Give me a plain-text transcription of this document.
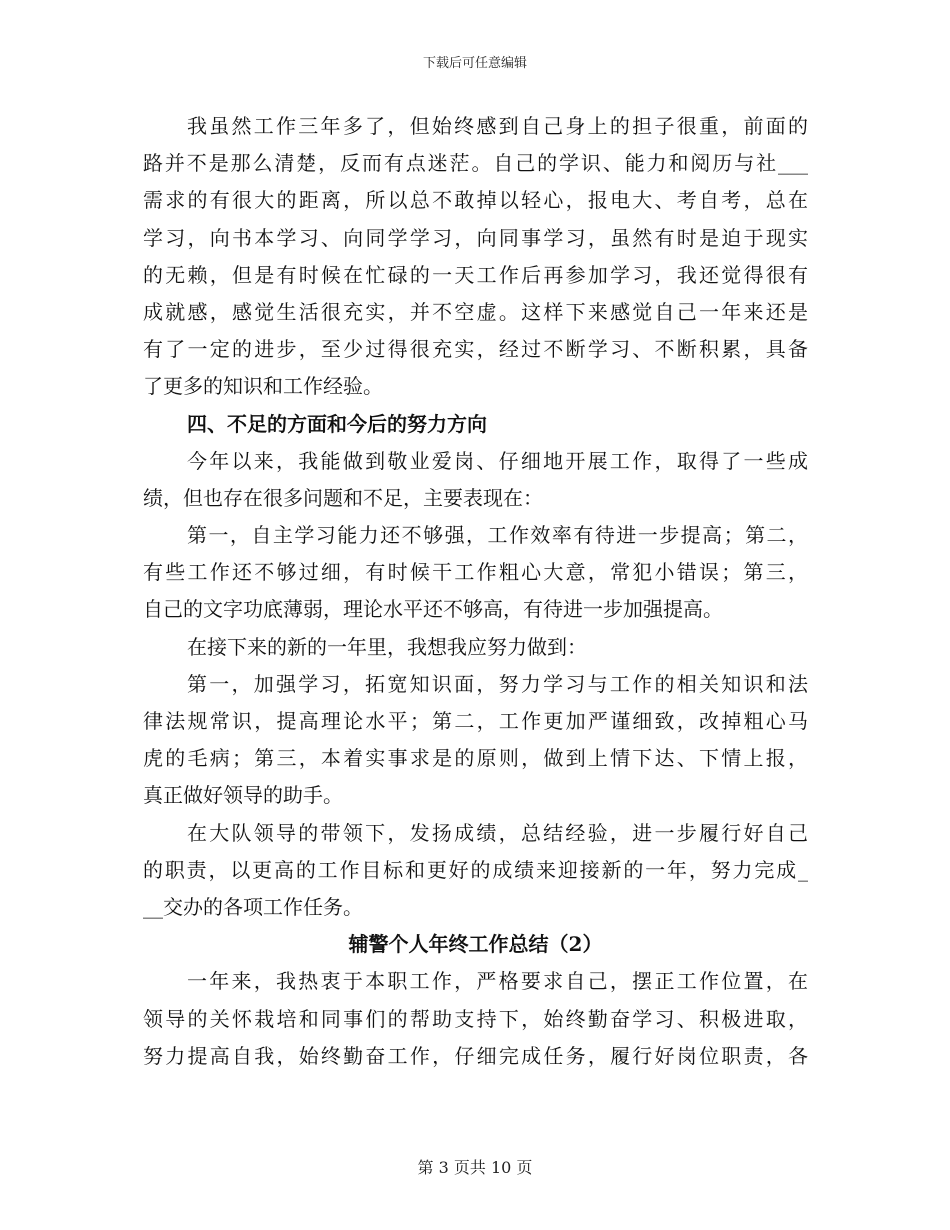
下载后可任意编辑
我虽然工作三年多了，但始终感到自己身上的担子很重，前面的
路并不是那么清楚，反而有点迷茫。自己的学识、能力和阅历与社___
需求的有很大的距离，所以总不敢掉以轻心，报电大、考自考，总在
学习，向书本学习、向同学学习，向同事学习，虽然有时是迫于现实
的无赖，但是有时候在忙碌的一天工作后再参加学习，我还觉得很有
成就感，感觉生活很充实，并不空虚。这样下来感觉自己一年来还是
有了一定的进步，至少过得很充实，经过不断学习、不断积累，具备
了更多的知识和工作经验。
四、不足的方面和今后的努力方向
今年以来，我能做到敬业爱岗、仔细地开展工作，取得了一些成
绩，但也存在很多问题和不足，主要表现在：
第一，自主学习能力还不够强，工作效率有待进一步提高；第二，
有些工作还不够过细，有时候干工作粗心大意，常犯小错误；第三，
自己的文字功底薄弱，理论水平还不够高，有待进一步加强提高。
在接下来的新的一年里，我想我应努力做到：
第一，加强学习，拓宽知识面，努力学习与工作的相关知识和法
律法规常识，提高理论水平；第二，工作更加严谨细致，改掉粗心马
虎的毛病；第三，本着实事求是的原则，做到上情下达、下情上报，
真正做好领导的助手。
在大队领导的带领下，发扬成绩，总结经验，进一步履行好自己
的职责，以更高的工作目标和更好的成绩来迎接新的一年，努力完成_
__交办的各项工作任务。
辅警个人年终工作总结（2）
一年来，我热衷于本职工作，严格要求自己，摆正工作位置，在
领导的关怀栽培和同事们的帮助支持下，始终勤奋学习、积极进取，
努力提高自我，始终勤奋工作，仔细完成任务，履行好岗位职责，各
第 3 页共 10 页
